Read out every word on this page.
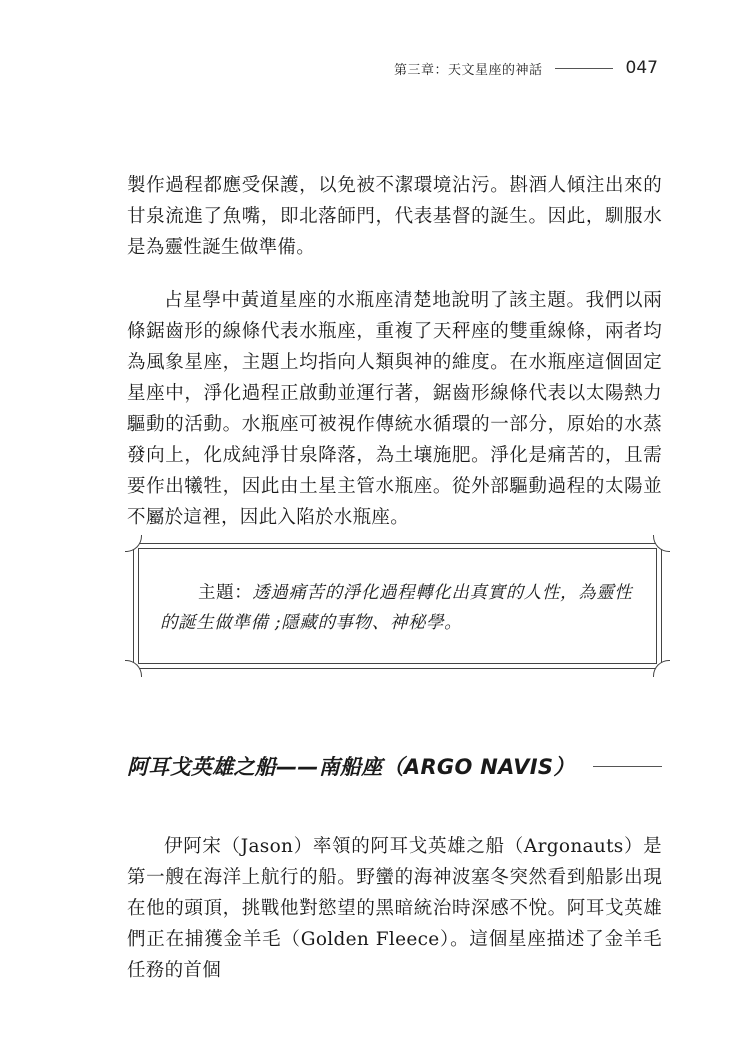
第三章：天文星座的神話	047

製作過程都應受保護，以免被不潔環境沾污。斟酒人傾注出來的甘泉流進了魚嘴，即北落師門，代表基督的誕生。因此，馴服水是為靈性誕生做準備。

占星學中黃道星座的水瓶座清楚地說明了該主題。我們以兩條鋸齒形的線條代表水瓶座，重複了天秤座的雙重線條，兩者均為風象星座，主題上均指向人類與神的維度。在水瓶座這個固定星座中，淨化過程正啟動並運行著，鋸齒形線條代表以太陽熱力驅動的活動。水瓶座可被視作傳統水循環的一部分，原始的水蒸發向上，化成純淨甘泉降落，為土壤施肥。淨化是痛苦的，且需要作出犧牲，因此由土星主管水瓶座。從外部驅動過程的太陽並不屬於這裡，因此入陷於水瓶座。

主題：透過痛苦的淨化過程轉化出真實的人性，為靈性的誕生做準備 ;隱藏的事物、神秘學。

阿耳戈英雄之船——南船座（ARGO NAVIS）

伊阿宋（Jason）率領的阿耳戈英雄之船（Argonauts）是第一艘在海洋上航行的船。野蠻的海神波塞冬突然看到船影出現在他的頭頂，挑戰他對慾望的黑暗統治時深感不悅。阿耳戈英雄們正在捕獲金羊毛（Golden Fleece）。這個星座描述了金羊毛任務的首個
